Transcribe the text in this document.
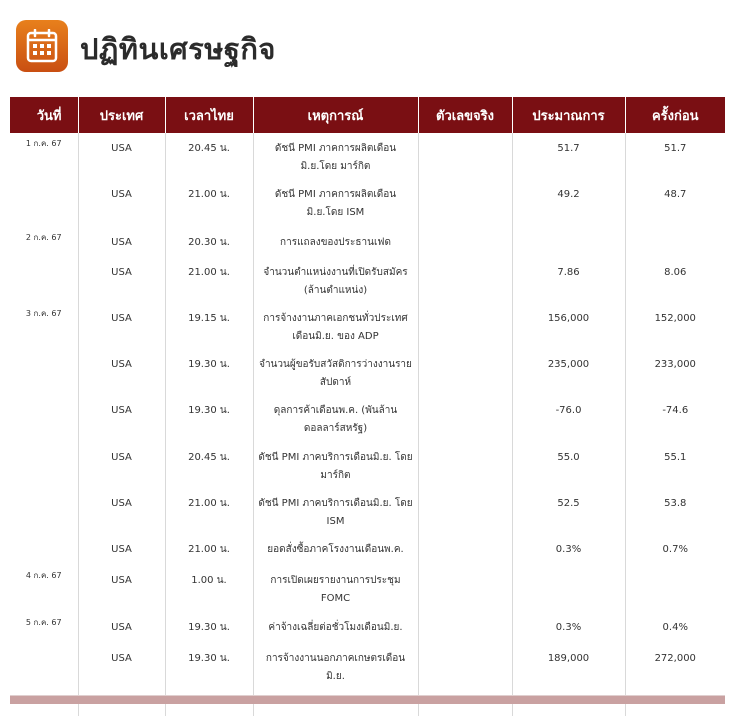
ปฏิทินเศรษฐกิจ
วันที่	ประเทศ	เวลาไทย	เหตุการณ์	ตัวเลขจริง	ประมาณการ	ครั้งก่อน
1 ก.ค. 67	USA	20.45 น.	ดัชนี PMI ภาคการผลิตเดือนมิ.ย.โดย มาร์กิต		51.7	51.7
	USA	21.00 น.	ดัชนี PMI ภาคการผลิตเดือนมิ.ย.โดย ISM		49.2	48.7
2 ก.ค. 67	USA	20.30 น.	การแถลงของประธานเฟด			
	USA	21.00 น.	จำนวนตำแหน่งงานที่เปิดรับสมัคร (ล้านตำแหน่ง)		7.86	8.06
3 ก.ค. 67	USA	19.15 น.	การจ้างงานภาคเอกชนทั่วประเทศ เดือนมิ.ย. ของ ADP		156,000	152,000
	USA	19.30 น.	จำนวนผู้ขอรับสวัสดิการว่างงานราย สัปดาห์		235,000	233,000
	USA	19.30 น.	ดุลการค้าเดือนพ.ค. (พันล้าน ดอลลาร์สหรัฐ)		-76.0	-74.6
	USA	20.45 น.	ดัชนี PMI ภาคบริการเดือนมิ.ย. โดย มาร์กิต		55.0	55.1
	USA	21.00 น.	ดัชนี PMI ภาคบริการเดือนมิ.ย. โดย ISM		52.5	53.8
	USA	21.00 น.	ยอดสั่งซื้อภาคโรงงานเดือนพ.ค.		0.3%	0.7%
4 ก.ค. 67	USA	1.00 น.	การเปิดเผยรายงานการประชุม FOMC			
5 ก.ค. 67	USA	19.30 น.	ค่าจ้างเฉลี่ยต่อชั่วโมงเดือนมิ.ย.		0.3%	0.4%
	USA	19.30 น.	การจ้างงานนอกภาคเกษตรเดือนมิ.ย.		189,000	272,000
